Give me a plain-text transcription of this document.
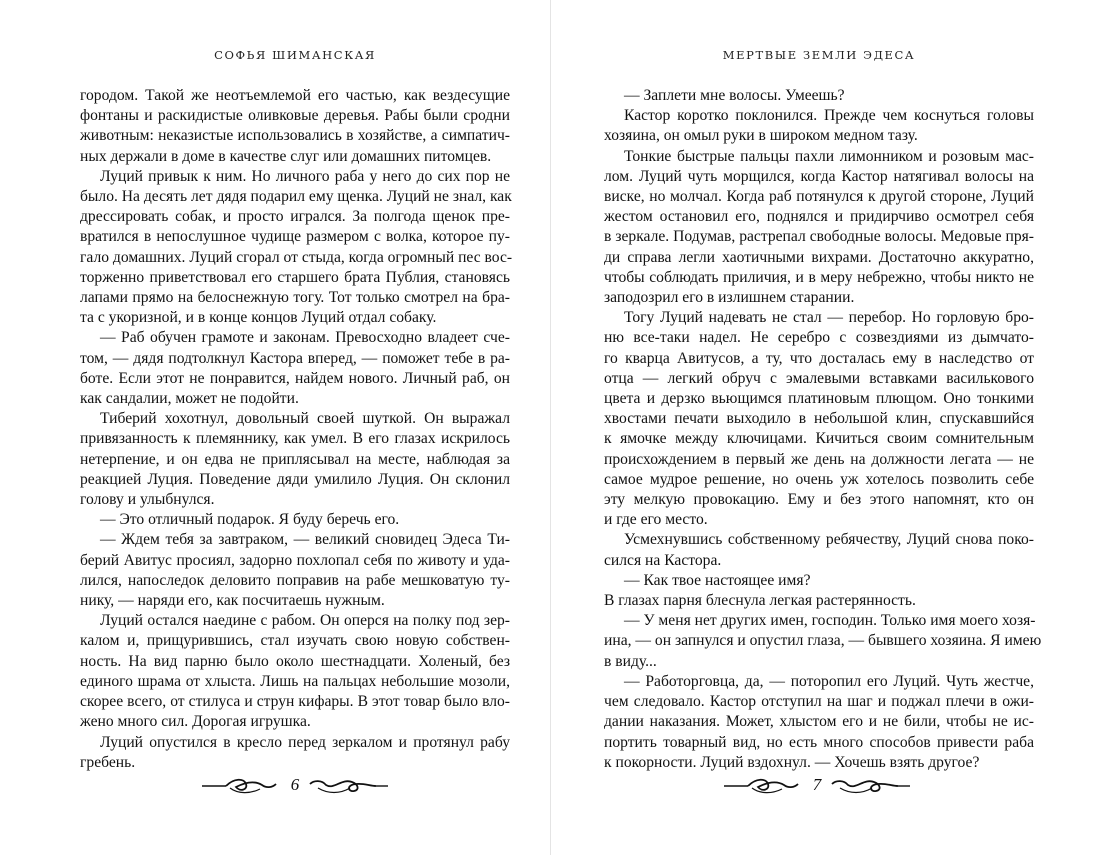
СОФЬЯ ШИМАНСКАЯ
городом. Такой же неотъемлемой его частью, как вездесущие
фонтаны и раскидистые оливковые деревья. Рабы были сродни
животным: неказистые использовались в хозяйстве, а симпатич-
ных держали в доме в качестве слуг или домашних питомцев.
Луций привык к ним. Но личного раба у него до сих пор не
было. На десять лет дядя подарил ему щенка. Луций не знал, как
дрессировать собак, и просто игрался. За полгода щенок пре-
вратился в непослушное чудище размером с волка, которое пу-
гало домашних. Луций сгорал от стыда, когда огромный пес вос-
торженно приветствовал его старшего брата Публия, становясь
лапами прямо на белоснежную тогу. Тот только смотрел на бра-
та с укоризной, и в конце концов Луций отдал собаку.
— Раб обучен грамоте и законам. Превосходно владеет сче-
том, — дядя подтолкнул Кастора вперед, — поможет тебе в ра-
боте. Если этот не понравится, найдем нового. Личный раб, он
как сандалии, может не подойти.
Тиберий хохотнул, довольный своей шуткой. Он выражал
привязанность к племяннику, как умел. В его глазах искрилось
нетерпение, и он едва не приплясывал на месте, наблюдая за
реакцией Луция. Поведение дяди умилило Луция. Он склонил
голову и улыбнулся.
— Это отличный подарок. Я буду беречь его.
— Ждем тебя за завтраком, — великий сновидец Эдеса Ти-
берий Авитус просиял, задорно похлопал себя по животу и уда-
лился, напоследок деловито поправив на рабе мешковатую ту-
нику, — наряди его, как посчитаешь нужным.
Луций остался наедине с рабом. Он оперся на полку под зер-
калом и, прищурившись, стал изучать свою новую собствен-
ность. На вид парню было около шестнадцати. Холеный, без
единого шрама от хлыста. Лишь на пальцах небольшие мозоли,
скорее всего, от стилуса и струн кифары. В этот товар было вло-
жено много сил. Дорогая игрушка.
Луций опустился в кресло перед зеркалом и протянул рабу
гребень.
6
МЕРТВЫЕ ЗЕМЛИ ЭДЕСА
— Заплети мне волосы. Умеешь?
Кастор коротко поклонился. Прежде чем коснуться головы
хозяина, он омыл руки в широком медном тазу.
Тонкие быстрые пальцы пахли лимонником и розовым мас-
лом. Луций чуть морщился, когда Кастор натягивал волосы на
виске, но молчал. Когда раб потянулся к другой стороне, Луций
жестом остановил его, поднялся и придирчиво осмотрел себя
в зеркале. Подумав, растрепал свободные волосы. Медовые пря-
ди справа легли хаотичными вихрами. Достаточно аккуратно,
чтобы соблюдать приличия, и в меру небрежно, чтобы никто не
заподозрил его в излишнем старании.
Тогу Луций надевать не стал — перебор. Но горловую бро-
ню все-таки надел. Не серебро с созвездиями из дымчато-
го кварца Авитусов, а ту, что досталась ему в наследство от
отца — легкий обруч с эмалевыми вставками василькового
цвета и дерзко вьющимся платиновым плющом. Оно тонкими
хвостами печати выходило в небольшой клин, спускавшийся
к ямочке между ключицами. Кичиться своим сомнительным
происхождением в первый же день на должности легата — не
самое мудрое решение, но очень уж хотелось позволить себе
эту мелкую провокацию. Ему и без этого напомнят, кто он
и где его место.
Усмехнувшись собственному ребячеству, Луций снова поко-
сился на Кастора.
— Как твое настоящее имя?
В глазах парня блеснула легкая растерянность.
— У меня нет других имен, господин. Только имя моего хозя-
ина, — он запнулся и опустил глаза, — бывшего хозяина. Я имею
в виду...
— Работорговца, да, — поторопил его Луций. Чуть жестче,
чем следовало. Кастор отступил на шаг и поджал плечи в ожи-
дании наказания. Может, хлыстом его и не били, чтобы не ис-
портить товарный вид, но есть много способов привести раба
к покорности. Луций вздохнул. — Хочешь взять другое?
7
